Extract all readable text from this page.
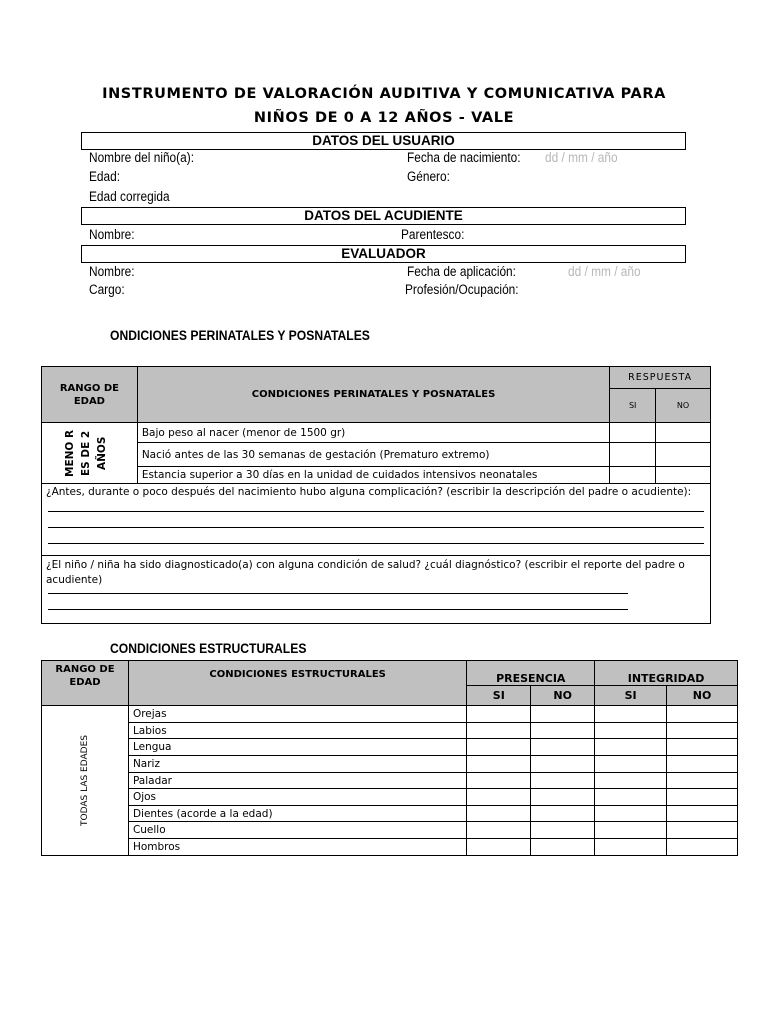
INSTRUMENTO DE VALORACIÓN AUDITIVA Y COMUNICATIVA PARA
NIÑOS DE 0 A 12 AÑOS - VALE
DATOS DEL USUARIO
Nombre del niño(a):	Fecha de nacimiento: dd / mm / año
Edad:	Género:
Edad corregida
DATOS DEL ACUDIENTE
Nombre:	Parentesco:
EVALUADOR
Nombre:	Fecha de aplicación:	dd / mm / año
Cargo:	Profesión/Ocupación:
ONDICIONES PERINATALES Y POSNATALES
RANGO DE EDAD	CONDICIONES PERINATALES Y POSNATALES	RESPUESTA	
		SI	NO

MENO R ES DE 2 AÑOS	Bajo peso al nacer (menor de 1500 gr)		
	Nació antes de las 30 semanas de gestación (Prematuro extremo)		
	Estancia superior a 30 días en la unidad de cuidados intensivos neonatales		

¿Antes, durante o poco después del nacimiento hubo alguna complicación? (escribir la descripción del padre o acudiente):			

¿El niño / niña ha sido diagnosticado(a) con alguna condición de salud? ¿cuál diagnóstico? (escribir el reporte del padre o acudiente)			
CONDICIONES ESTRUCTURALES
RANGO DE EDAD	CONDICIONES ESTRUCTURALES	PRESENCIA		INTEGRIDAD	
		SI	NO	SI	NO

TODAS LAS EDADES	Orejas				
	Labios				
	Lengua				
	Nariz				
	Paladar				
	Ojos				
	Dientes (acorde a la edad)				
	Cuello				
	Hombros				
